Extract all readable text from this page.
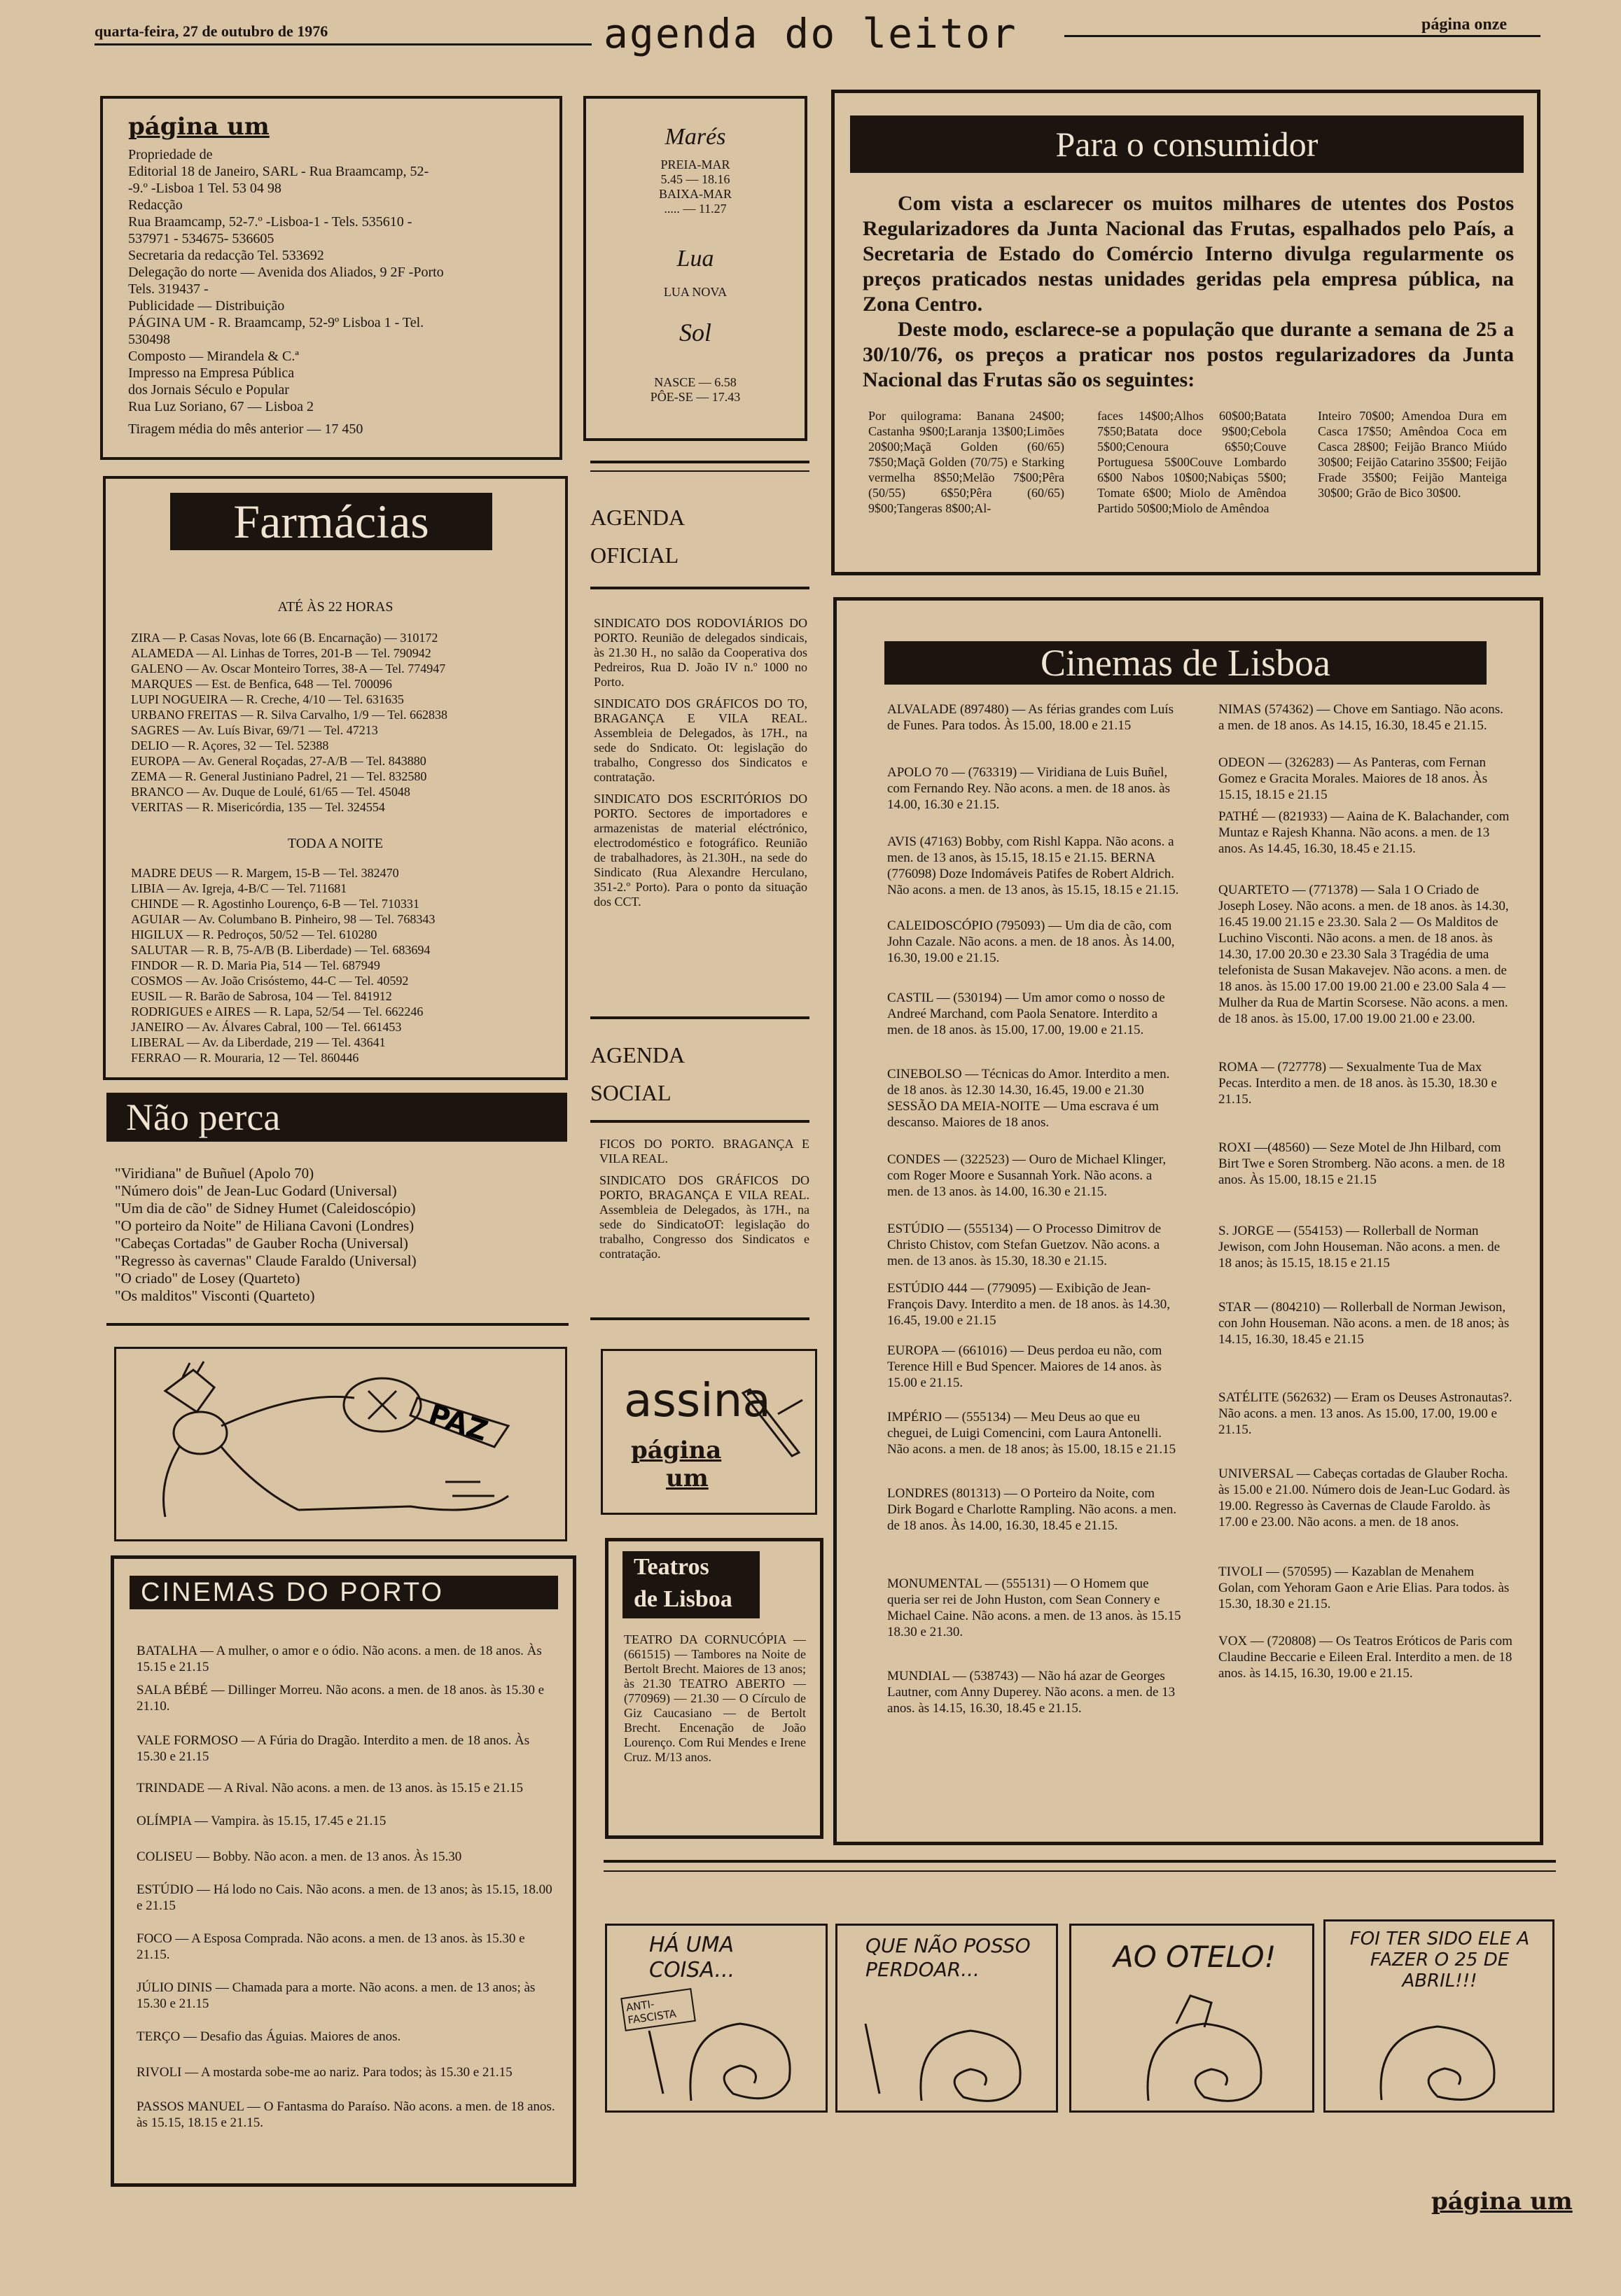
quarta-feira, 27 de outubro de 1976	agenda do leitor	página onze
página um
Propriedade de
Editorial 18 de Janeiro, SARL - Rua Braamcamp, 52-
-9.º -Lisboa 1 Tel. 53 04 98
Redacção
Rua Braamcamp, 52-7.º -Lisboa-1 - Tels. 535610 -
537971 - 534675- 536605
Secretaria da redacção Tel. 533692
Delegação do norte — Avenida dos Aliados, 9 2F -Porto
Tels. 319437 -
Publicidade — Distribuição
PÁGINA UM - R. Braamcamp, 52-9º Lisboa 1 - Tel.
530498
Composto — Mirandela & C.ª
Impresso na Empresa Pública
dos Jornais Século e Popular
Rua Luz Soriano, 67 — Lisboa 2
Tiragem média do mês anterior — 17 450
Marés
PREIA-MAR
5.45 — 18.16
BAIXA-MAR
..... — 11.27
Lua
LUA NOVA
Sol
NASCE — 6.58
PÔE-SE — 17.43
Para o consumidor
Com vista a esclarecer os muitos milhares de utentes dos Postos Regularizadores da Junta Nacional das Frutas, espalhados pelo País, a Secretaria de Estado do Comércio Interno divulga regularmente os preços praticados nestas unidades geridas pela empresa pública, na Zona Centro.
Deste modo, esclarece-se a população que durante a semana de 25 a 30/10/76, os preços a praticar nos postos regularizadores da Junta Nacional das Frutas são os seguintes:
Por quilograma: Banana 24$00; Castanha 9$00;Laranja 13$00;Limões 20$00;Maçã Golden (60/65) 7$50;Maçã Golden (70/75) e Starking vermelha 8$50;Melão 7$00;Pêra (50/55) 6$50;Pêra (60/65) 9$00;Tangeras 8$00;Al-
faces 14$00;Alhos 60$00;Batata 7$50;Batata doce 9$00;Cebola 5$00;Cenoura 6$50;Couve Portuguesa 5$00Couve Lombardo 6$00 Nabos 10$00;Nabiças 5$00; Tomate 6$00; Miolo de Amêndoa Partido 50$00;Miolo de Amêndoa
Inteiro 70$00; Amendoa Dura em Casca 17$50; Amêndoa Coca em Casca 28$00; Feijão Branco Miúdo 30$00; Feijão Catarino 35$00; Feijão Frade 35$00; Feijão Manteiga 30$00; Grão de Bico 30$00.
Farmácias
ATÉ ÀS 22 HORAS
ZIRA — P. Casas Novas, lote 66 (B. Encarnação) — 310172
ALAMEDA — Al. Linhas de Torres, 201-B — Tel. 790942
GALENO — Av. Oscar Monteiro Torres, 38-A — Tel. 774947
MARQUES — Est. de Benfica, 648 — Tel. 700096
LUPI NOGUEIRA — R. Creche, 4/10 — Tel. 631635
URBANO FREITAS — R. Silva Carvalho, 1/9 — Tel. 662838
SAGRES — Av. Luís Bivar, 69/71 — Tel. 47213
DELIO — R. Açores, 32 — Tel. 52388
EUROPA — Av. General Roçadas, 27-A/B — Tel. 843880
ZEMA — R. General Justiniano Padrel, 21 — Tel. 832580
BRANCO — Av. Duque de Loulé, 61/65 — Tel. 45048
VERITAS — R. Misericórdia, 135 — Tel. 324554
TODA A NOITE
MADRE DEUS — R. Margem, 15-B — Tel. 382470
LIBIA — Av. Igreja, 4-B/C — Tel. 711681
CHINDE — R. Agostinho Lourenço, 6-B — Tel. 710331
AGUIAR — Av. Columbano B. Pinheiro, 98 — Tel. 768343
HIGILUX — R. Pedroços, 50/52 — Tel. 610280
SALUTAR — R. B, 75-A/B (B. Liberdade) — Tel. 683694
FINDOR — R. D. Maria Pia, 514 — Tel. 687949
COSMOS — Av. João Crisóstemo, 44-C — Tel. 40592
EUSIL — R. Barão de Sabrosa, 104 — Tel. 841912
RODRIGUES e AIRES — R. Lapa, 52/54 — Tel. 662246
JANEIRO — Av. Álvares Cabral, 100 — Tel. 661453
LIBERAL — Av. da Liberdade, 219 — Tel. 43641
FERRAO — R. Mouraria, 12 — Tel. 860446
AGENDA
OFICIAL

SINDICATO DOS RODOVIÁRIOS DO PORTO. Reunião de delegados sindicais, às 21.30 H., no salão da Cooperativa dos Pedreiros, Rua D. João IV n.º 1000 no Porto.

SINDICATO DOS GRÁFICOS DO TO, BRAGANÇA E VILA REAL. Assembleia de Delegados, às 17H., na sede do Sndicato. Ot: legislação do trabalho, Congresso dos Sindicatos e contratação.

SINDICATO DOS ESCRITÓRIOS DO PORTO. Sectores de importadores e armazenistas de material eléctrónico, electrodoméstico e fotográfico. Reunião de trabalhadores, às 21.30H., na sede do Sindicato (Rua Alexandre Herculano, 351-2.º Porto). Para o ponto da situação dos CCT.

AGENDA
SOCIAL

FICOS DO PORTO. BRAGANÇA E VILA REAL.

SINDICATO DOS GRÁFICOS DO PORTO, BRAGANÇA E VILA REAL. Assembleia de Delegados, às 17H., na sede do SindicatoOT: legislação do trabalho, Congresso dos Sindicatos e contratação.

Não perca
"Viridiana" de Buñuel (Apolo 70)
"Número dois" de Jean-Luc Godard (Universal)
"Um dia de cão" de Sidney Humet (Caleidoscópio)
"O porteiro da Noite" de Hiliana Cavoni (Londres)
"Cabeças Cortadas" de Gauber Rocha (Universal)
"Regresso às cavernas" Claude Faraldo (Universal)
"O criado" de Losey (Quarteto)
"Os malditos" Visconti (Quarteto)
PAZ	assina
página
um
CINEMAS DO PORTO
BATALHA — A mulher, o amor e o ódio. Não acons. a men. de 18 anos. Às 15.15 e 21.15
SALA BÉBÉ — Dillinger Morreu. Não acons. a men. de 18 anos. às 15.30 e 21.10.
VALE FORMOSO — A Fúria do Dragão. Interdito a men. de 18 anos. Às 15.30 e 21.15
TRINDADE — A Rival. Não acons. a men. de 13 anos. às 15.15 e 21.15
OLÍMPIA — Vampira. às 15.15, 17.45 e 21.15
COLISEU — Bobby. Não acon. a men. de 13 anos. Às 15.30
ESTÚDIO — Há lodo no Cais. Não acons. a men. de 13 anos; às 15.15, 18.00 e 21.15
FOCO — A Esposa Comprada. Não acons. a men. de 13 anos. às 15.30 e 21.15.
JÚLIO DINIS — Chamada para a morte. Não acons. a men. de 13 anos; às 15.30 e 21.15
TERÇO — Desafio das Águias. Maiores de anos.
RIVOLI — A mostarda sobe-me ao nariz. Para todos; às 15.30 e 21.15
PASSOS MANUEL — O Fantasma do Paraíso. Não acons. a men. de 18 anos. às 15.15, 18.15 e 21.15.
Teatros
de Lisboa
TEATRO DA CORNUCÓPIA — (661515) — Tambores na Noite de Bertolt Brecht. Maiores de 13 anos; às 21.30 TEATRO ABERTO — (770969) — 21.30 — O Círculo de Giz Caucasiano — de Bertolt Brecht. Encenação de João Lourenço. Com Rui Mendes e Irene Cruz. M/13 anos.
Cinemas de Lisboa

ALVALADE (897480) — As férias grandes com Luís de Funes. Para todos. Às 15.00, 18.00 e 21.15

APOLO 70 — (763319) — Viridiana de Luis Buñel, com Fernando Rey. Não acons. a men. de 18 anos. às 14.00, 16.30 e 21.15.

AVIS (47163) Bobby, com Rishl Kappa. Não acons. a men. de 13 anos, às 15.15, 18.15 e 21.15. BERNA (776098) Doze Indomáveis Patifes de Robert Aldrich. Não acons. a men. de 13 anos, às 15.15, 18.15 e 21.15.

CALEIDOSCÓPIO (795093) — Um dia de cão, com John Cazale. Não acons. a men. de 18 anos. Às 14.00, 16.30, 19.00 e 21.15.

CASTIL — (530194) — Um amor como o nosso de Andreé Marchand, com Paola Senatore. Interdito a men. de 18 anos. às 15.00, 17.00, 19.00 e 21.15.

CINEBOLSO — Técnicas do Amor. Interdito a men. de 18 anos. às 12.30 14.30, 16.45, 19.00 e 21.30 SESSÃO DA MEIA-NOITE — Uma escrava é um descanso. Maiores de 18 anos.

CONDES — (322523) — Ouro de Michael Klinger, com Roger Moore e Susannah York. Não acons. a men. de 13 anos. às 14.00, 16.30 e 21.15.

ESTÚDIO — (555134) — O Processo Dimitrov de Christo Chistov, com Stefan Guetzov. Não acons. a men. de 13 anos. às 15.30, 18.30 e 21.15.

ESTÚDIO 444 — (779095) — Exibição de Jean-François Davy. Interdito a men. de 18 anos. às 14.30, 16.45, 19.00 e 21.15

EUROPA — (661016) — Deus perdoa eu não, com Terence Hill e Bud Spencer. Maiores de 14 anos. às 15.00 e 21.15.

IMPÉRIO — (555134) — Meu Deus ao que eu cheguei, de Luigi Comencini, com Laura Antonelli. Não acons. a men. de 18 anos; às 15.00, 18.15 e 21.15

LONDRES (801313) — O Porteiro da Noite, com Dirk Bogard e Charlotte Rampling. Não acons. a men. de 18 anos. Às 14.00, 16.30, 18.45 e 21.15.

MONUMENTAL — (555131) — O Homem que queria ser rei de John Huston, com Sean Connery e Michael Caine. Não acons. a men. de 13 anos. às 15.15 18.30 e 21.30.

MUNDIAL — (538743) — Não há azar de Georges Lautner, com Anny Duperey. Não acons. a men. de 13 anos. às 14.15, 16.30, 18.45 e 21.15.

NIMAS (574362) — Chove em Santiago. Não acons. a men. de 18 anos. As 14.15, 16.30, 18.45 e 21.15.

ODEON — (326283) — As Panteras, com Fernan Gomez e Gracita Morales. Maiores de 18 anos. Às 15.15, 18.15 e 21.15

PATHÉ — (821933) — Aaina de K. Balachander, com Muntaz e Rajesh Khanna. Não acons. a men. de 13 anos. As 14.45, 16.30, 18.45 e 21.15.

QUARTETO — (771378) — Sala 1 O Criado de Joseph Losey. Não acons. a men. de 18 anos. às 14.30, 16.45 19.00 21.15 e 23.30. Sala 2 — Os Malditos de Luchino Visconti. Não acons. a men. de 18 anos. às 14.30, 17.00 20.30 e 23.30 Sala 3 Tragédia de uma telefonista de Susan Makavejev. Não acons. a men. de 18 anos. às 15.00 17.00 19.00 21.00 e 23.00 Sala 4 — Mulher da Rua de Martin Scorsese. Não acons. a men. de 18 anos. às 15.00, 17.00 19.00 21.00 e 23.00.

ROMA — (727778) — Sexualmente Tua de Max Pecas. Interdito a men. de 18 anos. às 15.30, 18.30 e 21.15.

ROXI —(48560) — Seze Motel de Jhn Hilbard, com Birt Twe e Soren Stromberg. Não acons. a men. de 18 anos. Às 15.00, 18.15 e 21.15

S. JORGE — (554153) — Rollerball de Norman Jewison, com John Houseman. Não acons. a men. de 18 anos; às 15.15, 18.15 e 21.15

STAR — (804210) — Rollerball de Norman Jewison, con John Houseman. Não acons. a men. de 18 anos; às 14.15, 16.30, 18.45 e 21.15

SATÉLITE (562632) — Eram os Deuses Astronautas?. Não acons. a men. 13 anos. As 15.00, 17.00, 19.00 e 21.15.

UNIVERSAL — Cabeças cortadas de Glauber Rocha. às 15.00 e 21.00. Número dois de Jean-Luc Godard. às 19.00. Regresso às Cavernas de Claude Faroldo. às 17.00 e 23.00. Não acons. a men. de 18 anos.

TIVOLI — (570595) — Kazablan de Menahem Golan, com Yehoram Gaon e Arie Elias. Para todos. às 15.30, 18.30 e 21.15.

VOX — (720808) — Os Teatros Eróticos de Paris com Claudine Beccarie e Eileen Eral. Interdito a men. de 18 anos. às 14.15, 16.30, 19.00 e 21.15.

HÁ UMA COISA...
ANTI-FASCISTA
QUE NÃO POSSO PERDOAR...	AO OTELO!
FOI TER SIDO ELE A FAZER O 25 DE ABRIL!!!
página um
